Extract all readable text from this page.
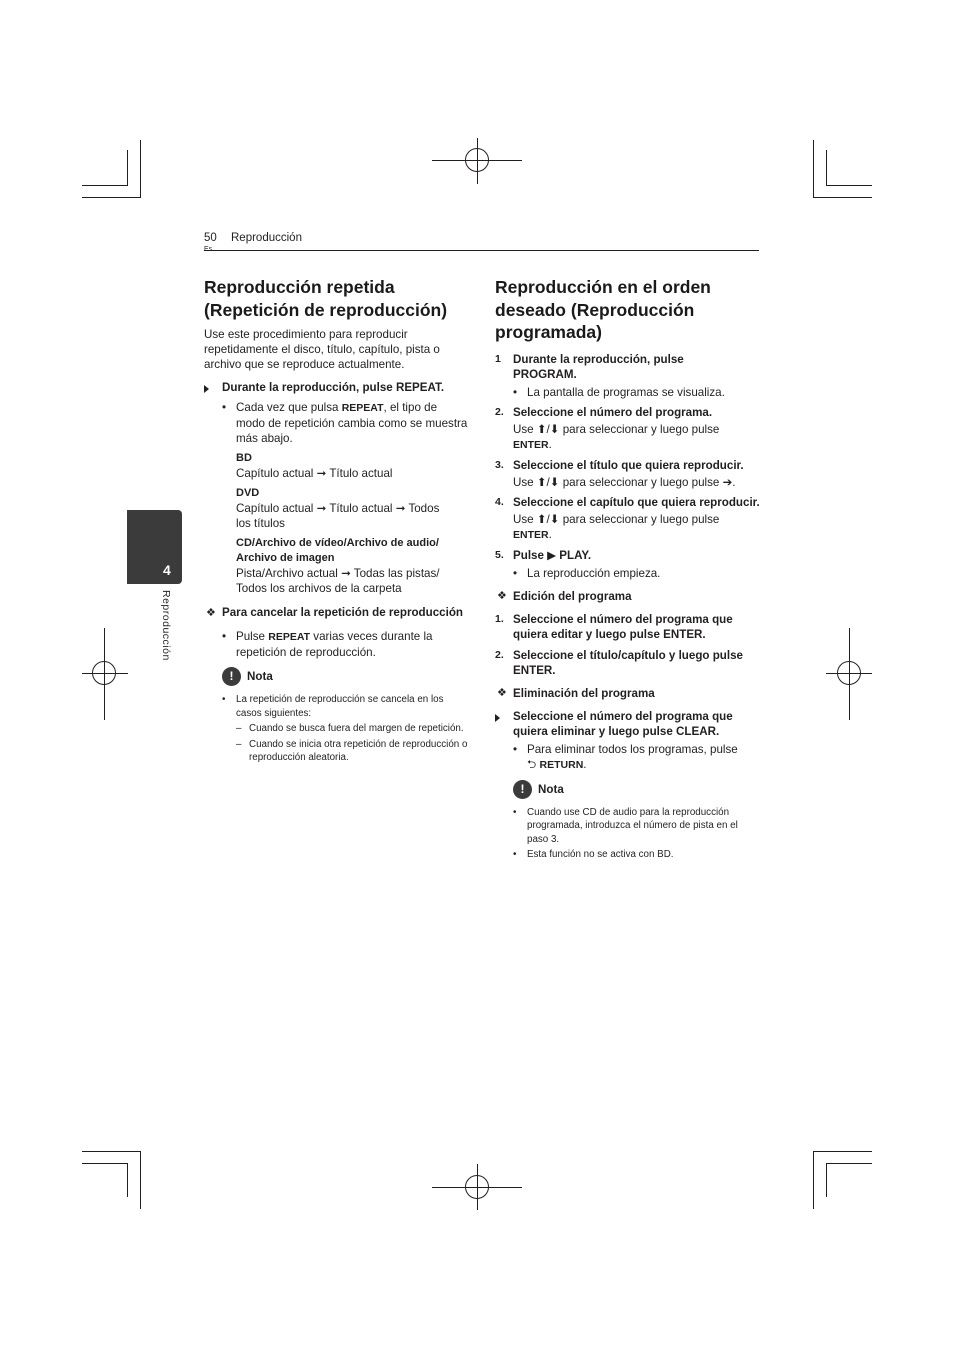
50 Reproducción
4
Reproducción
Reproducción repetida
(Repetición de reproducción)

Use este procedimiento para reproducir repetidamente el disco, título, capítulo, pista o archivo que se reproduce actualmente.

Durante la reproducción, pulse REPEAT.
• Cada vez que pulsa REPEAT, el tipo de modo de repetición cambia como se muestra más abajo.
BD
Capítulo actual ➞ Título actual
DVD
Capítulo actual ➞ Título actual ➞ Todos
los títulos
CD/Archivo de vídeo/Archivo de audio/
Archivo de imagen
Pista/Archivo actual ➞ Todas las pistas/
Todos los archivos de la carpeta
❖ Para cancelar la repetición de reproducción
• Pulse REPEAT varias veces durante la repetición de reproducción.
!	Nota
• La repetición de reproducción se cancela en los casos siguientes:
– Cuando se busca fuera del margen de repetición.
– Cuando se inicia otra repetición de reproducción o reproducción aleatoria.
Reproducción en el orden
deseado (Reproducción
programada)
1 Durante la reproducción, pulse
PROGRAM.
• La pantalla de programas se visualiza.
2. Seleccione el número del programa.
Use ⬆/⬇ para seleccionar y luego pulse
ENTER.
3. Seleccione el título que quiera reproducir.
Use ⬆/⬇ para seleccionar y luego pulse ➔.
4. Seleccione el capítulo que quiera reproducir.
Use ⬆/⬇ para seleccionar y luego pulse
ENTER.
5. Pulse ▶ PLAY.
• La reproducción empieza.
❖ Edición del programa
1. Seleccione el número del programa que quiera editar y luego pulse ENTER.
2. Seleccione el título/capítulo y luego pulse ENTER.
❖ Eliminación del programa
Seleccione el número del programa que quiera eliminar y luego pulse CLEAR.
• Para eliminar todos los programas, pulse
⮌ RETURN.
!	Nota
• Cuando use CD de audio para la reproducción programada, introduzca el número de pista en el paso 3.
• Esta función no se activa con BD.
